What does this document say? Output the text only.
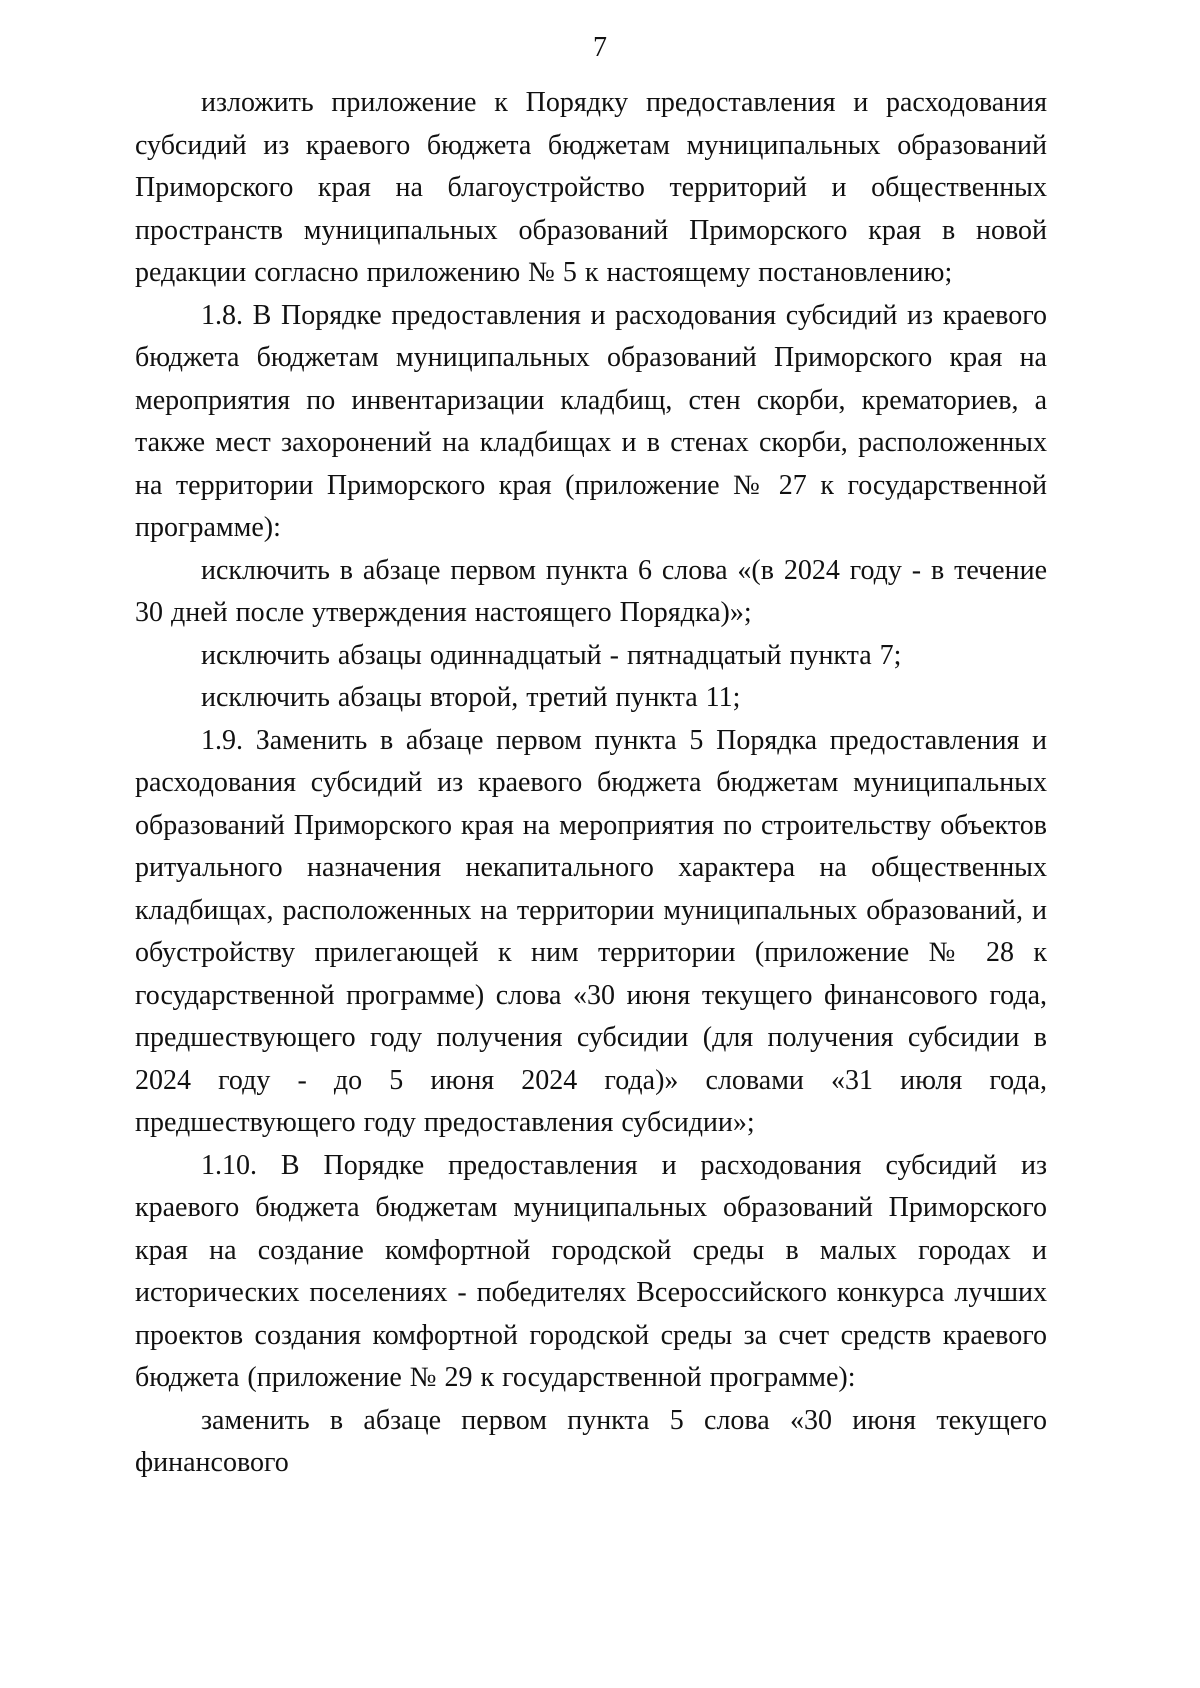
7

изложить приложение к Порядку предоставления и расходования субсидий из краевого бюджета бюджетам муниципальных образований Приморского края на благоустройство территорий и общественных пространств муниципальных образований Приморского края в новой редакции согласно приложению № 5 к настоящему постановлению;

1.8. В Порядке предоставления и расходования субсидий из краевого бюджета бюджетам муниципальных образований Приморского края на мероприятия по инвентаризации кладбищ, стен скорби, крематориев, а также мест захоронений на кладбищах и в стенах скорби, расположенных на территории Приморского края (приложение № 27 к государственной программе):

исключить в абзаце первом пункта 6 слова «(в 2024 году - в течение 30 дней после утверждения настоящего Порядка)»;

исключить абзацы одиннадцатый - пятнадцатый пункта 7;

исключить абзацы второй, третий пункта 11;

1.9. Заменить в абзаце первом пункта 5 Порядка предоставления и расходования субсидий из краевого бюджета бюджетам муниципальных образований Приморского края на мероприятия по строительству объектов ритуального назначения некапитального характера на общественных кладбищах, расположенных на территории муниципальных образований, и обустройству прилегающей к ним территории (приложение № 28 к государственной программе) слова «30 июня текущего финансового года, предшествующего году получения субсидии (для получения субсидии в 2024 году - до 5 июня 2024 года)» словами «31 июля года, предшествующего году предоставления субсидии»;

1.10. В Порядке предоставления и расходования субсидий из краевого бюджета бюджетам муниципальных образований Приморского края на создание комфортной городской среды в малых городах и исторических поселениях - победителях Всероссийского конкурса лучших проектов создания комфортной городской среды за счет средств краевого бюджета (приложение № 29 к государственной программе):

заменить в абзаце первом пункта 5 слова «30 июня текущего финансового
